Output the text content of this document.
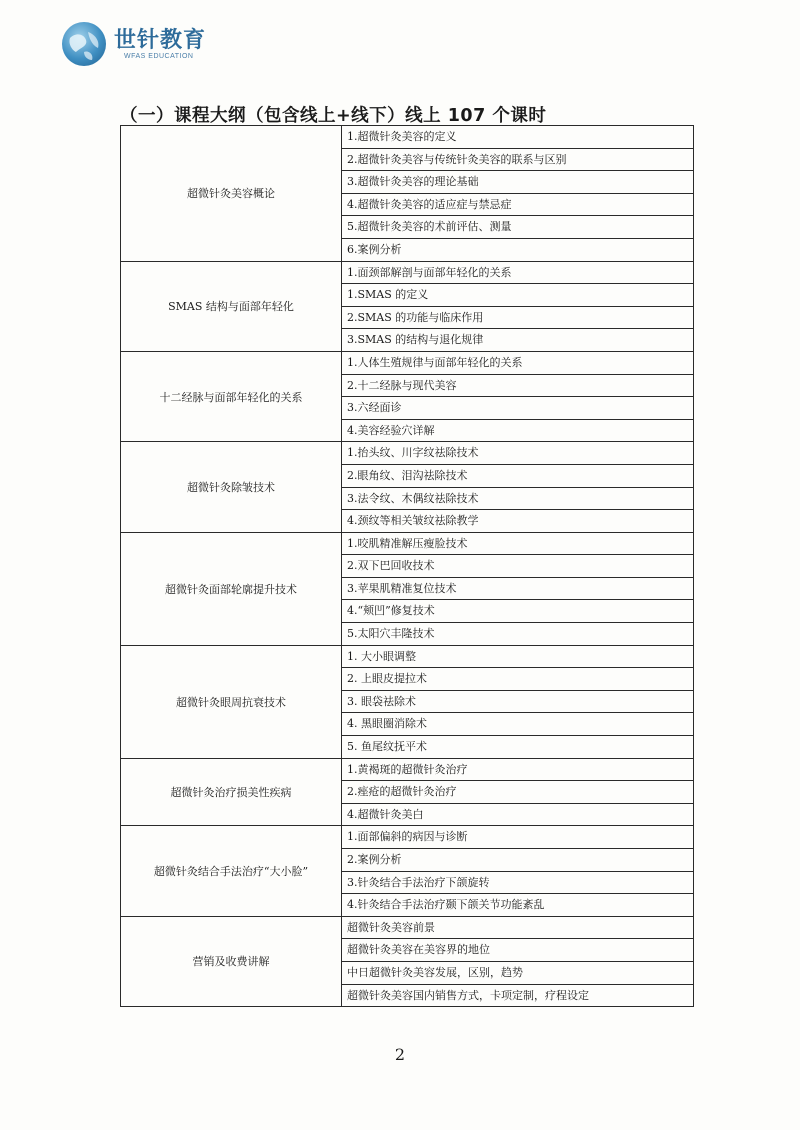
世针教育
WFAS EDUCATION
（一）课程大纲（包含线上+线下）线上 107 个课时
超微针灸美容概论	1.超微针灸美容的定义
	2.超微针灸美容与传统针灸美容的联系与区别
	3.超微针灸美容的理论基础
	4.超微针灸美容的适应症与禁忌症
	5.超微针灸美容的术前评估、测量
	6.案例分析
SMAS 结构与面部年轻化	1.面颈部解剖与面部年轻化的关系
	1.SMAS 的定义
	2.SMAS 的功能与临床作用
	3.SMAS 的结构与退化规律
十二经脉与面部年轻化的关系	1.人体生殖规律与面部年轻化的关系
	2.十二经脉与现代美容
	3.六经面诊
	4.美容经验穴详解
超微针灸除皱技术	1.抬头纹、川字纹祛除技术
	2.眼角纹、泪沟祛除技术
	3.法令纹、木偶纹祛除技术
	4.颈纹等相关皱纹祛除教学
超微针灸面部轮廓提升技术	1.咬肌精准解压瘦脸技术
	2.双下巴回收技术
	3.苹果肌精准复位技术
	4.“颊凹”修复技术
	5.太阳穴丰隆技术
超微针灸眼周抗衰技术	1. 大小眼调整
	2. 上眼皮提拉术
	3. 眼袋祛除术
	4. 黑眼圈消除术
	5. 鱼尾纹抚平术
超微针灸治疗损美性疾病	1.黄褐斑的超微针灸治疗
	2.痤疮的超微针灸治疗
	4.超微针灸美白
超微针灸结合手法治疗“大小脸”	1.面部偏斜的病因与诊断
	2.案例分析
	3.针灸结合手法治疗下颌旋转
	4.针灸结合手法治疗颞下颌关节功能紊乱
营销及收费讲解	超微针灸美容前景
	超微针灸美容在美容界的地位
	中日超微针灸美容发展，区别，趋势
	超微针灸美容国内销售方式，卡项定制，疗程设定
2
